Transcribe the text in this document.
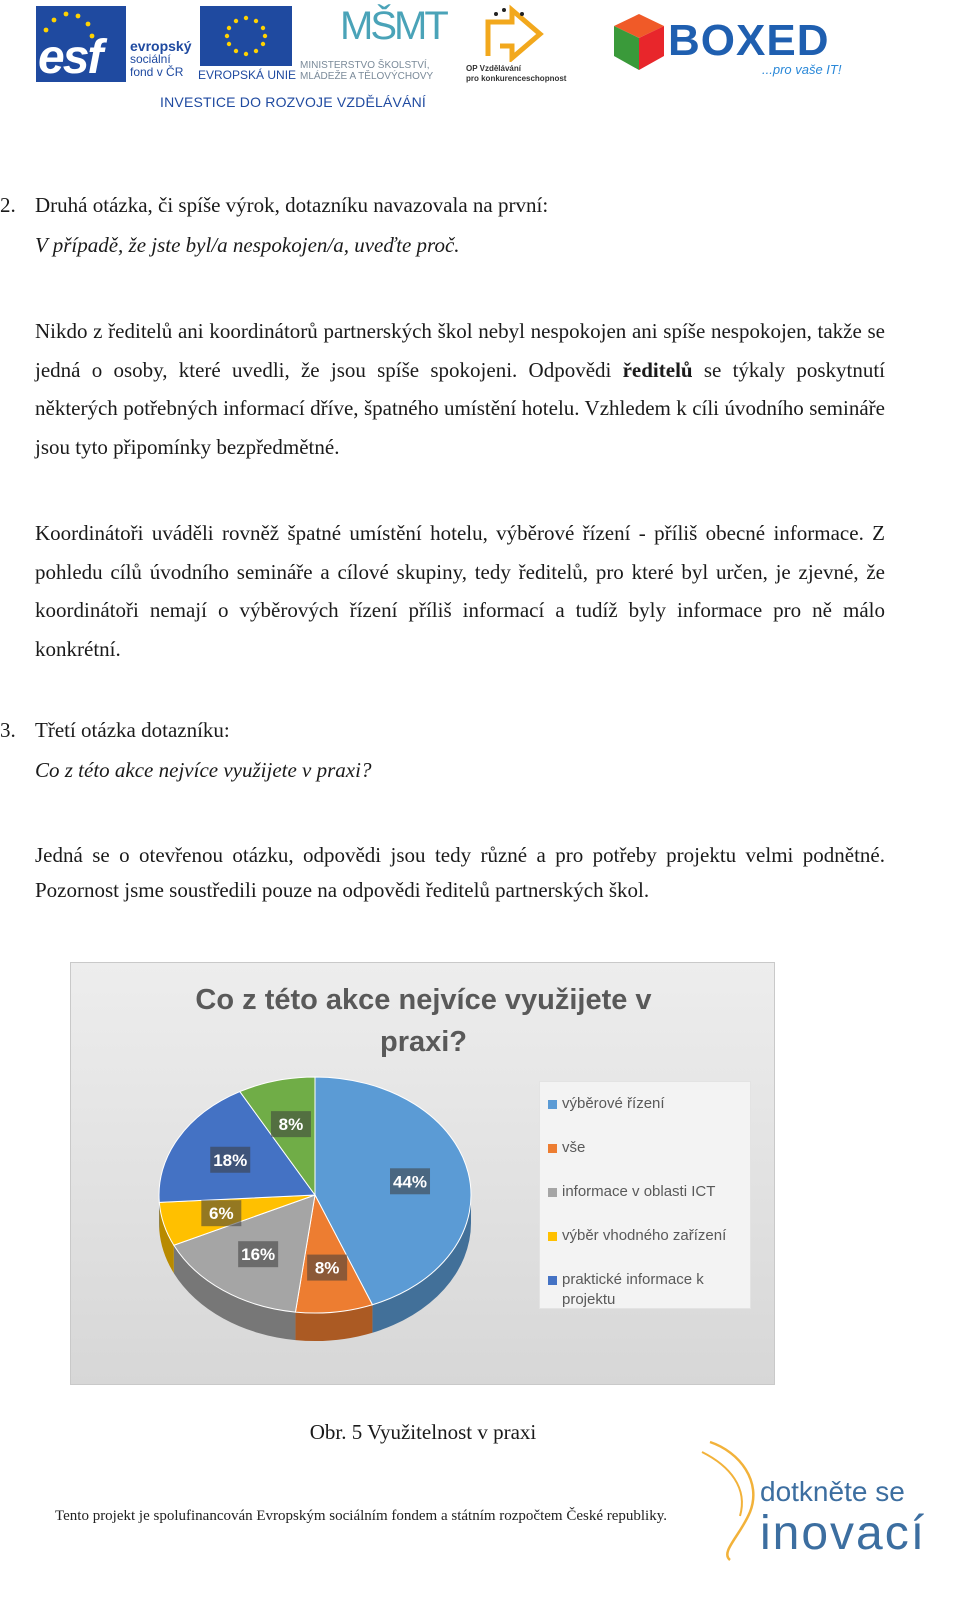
esf evropský
sociální
fond v ČR	EVROPSKÁ UNIE
MŠMT
MINISTERSTVO ŠKOLSTVÍ,
MLÁDEŽE A TĚLOVÝCHOVY
OP Vzdělávání
pro konkurenceschopnost
BOXED
...pro vaše IT!
INVESTICE DO ROZVOJE VZDĚLÁVÁNÍ
2. Druhá otázka, či spíše výrok, dotazníku navazovala na první:
V případě, že jste byl/a nespokojen/a, uveďte proč.

Nikdo z ředitelů ani koordinátorů partnerských škol nebyl nespokojen ani spíše nespokojen, takže se jedná o osoby, které uvedli, že jsou spíše spokojeni. Odpovědi ředitelů se týkaly poskytnutí některých potřebných informací dříve, špatného umístění hotelu. Vzhledem k cíli úvodního semináře jsou tyto připomínky bezpředmětné.

Koordinátoři uváděli rovněž špatné umístění hotelu, výběrové řízení - příliš obecné informace. Z pohledu cílů úvodního semináře a cílové skupiny, tedy ředitelů, pro které byl určen, je zjevné, že koordinátoři nemají o výběrových řízení příliš informací a tudíž byly informace pro ně málo konkrétní.

3. Třetí otázka dotazníku:
Co z této akce nejvíce využijete v praxi?

Jedná se o otevřenou otázku, odpovědi jsou tedy různé a pro potřeby projektu velmi podnětné. Pozornost jsme soustředili pouze na odpovědi ředitelů partnerských škol.

Co z této akce nejvíce využijete v
praxi?
44%
8%
16%
6%
18%
8%
výběrové řízení
vše
informace v oblasti ICT
výběr vhodného zařízení
praktické informace k projektu
Obr. 5 Využitelnost v praxi
dotkněte se
inovací
Tento projekt je spolufinancován Evropským sociálním fondem a státním rozpočtem České republiky.
